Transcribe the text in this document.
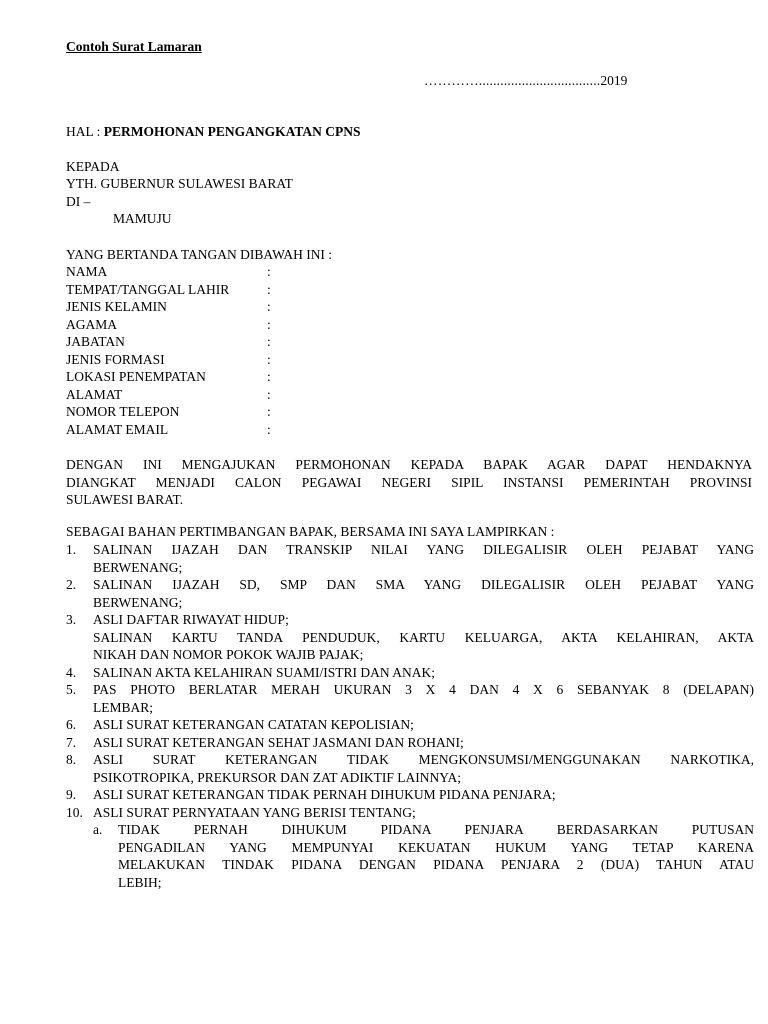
Contoh Surat Lamaran
…………..................................2019
HAL : PERMOHONAN PENGANGKATAN CPNS
KEPADA
YTH. GUBERNUR SULAWESI BARAT
DI –
MAMUJU
YANG BERTANDA TANGAN DIBAWAH INI :
NAMA	:
TEMPAT/TANGGAL LAHIR	:
JENIS KELAMIN	:
AGAMA	:
JABATAN	:
JENIS FORMASI	:
LOKASI PENEMPATAN	:
ALAMAT	:
NOMOR TELEPON	:
ALAMAT EMAIL	:
DENGAN INI MENGAJUKAN PERMOHONAN KEPADA BAPAK AGAR DAPAT HENDAKNYA
DIANGKAT MENJADI CALON PEGAWAI NEGERI SIPIL INSTANSI PEMERINTAH PROVINSI
SULAWESI BARAT.
SEBAGAI BAHAN PERTIMBANGAN BAPAK, BERSAMA INI SAYA LAMPIRKAN :
1.	SALINAN IJAZAH DAN TRANSKIP NILAI YANG DILEGALISIR OLEH PEJABAT YANG
BERWENANG;
2.	SALINAN IJAZAH SD, SMP DAN SMA YANG DILEGALISIR OLEH PEJABAT YANG
BERWENANG;
3.	ASLI DAFTAR RIWAYAT HIDUP;
SALINAN KARTU TANDA PENDUDUK, KARTU KELUARGA, AKTA KELAHIRAN, AKTA
NIKAH DAN NOMOR POKOK WAJIB PAJAK;
4.	SALINAN AKTA KELAHIRAN SUAMI/ISTRI DAN ANAK;
5.	PAS PHOTO BERLATAR MERAH UKURAN 3 X 4 DAN 4 X 6 SEBANYAK 8 (DELAPAN)
LEMBAR;
6.	ASLI SURAT KETERANGAN CATATAN KEPOLISIAN;
7.	ASLI SURAT KETERANGAN SEHAT JASMANI DAN ROHANI;
8.	ASLI SURAT KETERANGAN TIDAK MENGKONSUMSI/MENGGUNAKAN NARKOTIKA,
PSIKOTROPIKA, PREKURSOR DAN ZAT ADIKTIF LAINNYA;
9.	ASLI SURAT KETERANGAN TIDAK PERNAH DIHUKUM PIDANA PENJARA;
10. ASLI SURAT PERNYATAAN YANG BERISI TENTANG;
a. TIDAK PERNAH DIHUKUM PIDANA PENJARA BERDASARKAN PUTUSAN
PENGADILAN YANG MEMPUNYAI KEKUATAN HUKUM YANG TETAP KARENA
MELAKUKAN TINDAK PIDANA DENGAN PIDANA PENJARA 2 (DUA) TAHUN ATAU
LEBIH;
